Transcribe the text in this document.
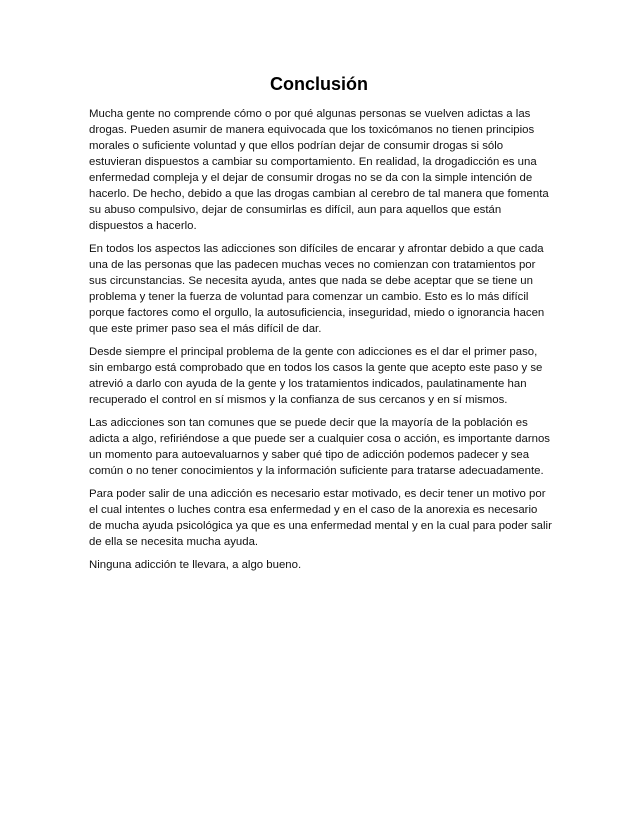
Conclusión

Mucha gente no comprende cómo o por qué algunas personas se vuelven adictas a las drogas. Pueden asumir de manera equivocada que los toxicómanos no tienen principios morales o suficiente voluntad y que ellos podrían dejar de consumir drogas si sólo estuvieran dispuestos a cambiar su comportamiento. En realidad, la drogadicción es una enfermedad compleja y el dejar de consumir drogas no se da con la simple intención de hacerlo. De hecho, debido a que las drogas cambian al cerebro de tal manera que fomenta su abuso compulsivo, dejar de consumirlas es difícil, aun para aquellos que están dispuestos a hacerlo.

En todos los aspectos las adicciones son difíciles de encarar y afrontar debido a que cada una de las personas que las padecen muchas veces no comienzan con tratamientos por sus circunstancias. Se necesita ayuda, antes que nada se debe aceptar que se tiene un problema y tener la fuerza de voluntad para comenzar un cambio. Esto es lo más difícil porque factores como el orgullo, la autosuficiencia, inseguridad, miedo o ignorancia hacen que este primer paso sea el más difícil de dar.

Desde siempre el principal problema de la gente con adicciones es el dar el primer paso, sin embargo está comprobado que en todos los casos la gente que acepto este paso y se atrevió a darlo con ayuda de la gente y los tratamientos indicados, paulatinamente han recuperado el control en sí mismos y la confianza de sus cercanos y en sí mismos.

Las adicciones son tan comunes que se puede decir que la mayoría de la población es adicta a algo, refiriéndose a que puede ser a cualquier cosa o acción, es importante darnos un momento para autoevaluarnos y saber qué tipo de adicción podemos padecer y sea común o no tener conocimientos y la información suficiente para tratarse adecuadamente.

Para poder salir de una adicción es necesario estar motivado, es decir tener un motivo por el cual intentes o luches contra esa enfermedad y en el caso de la anorexia es necesario de mucha ayuda psicológica ya que es una enfermedad mental y en la cual para poder salir de ella se necesita mucha ayuda.

Ninguna adicción te llevara, a algo bueno.
